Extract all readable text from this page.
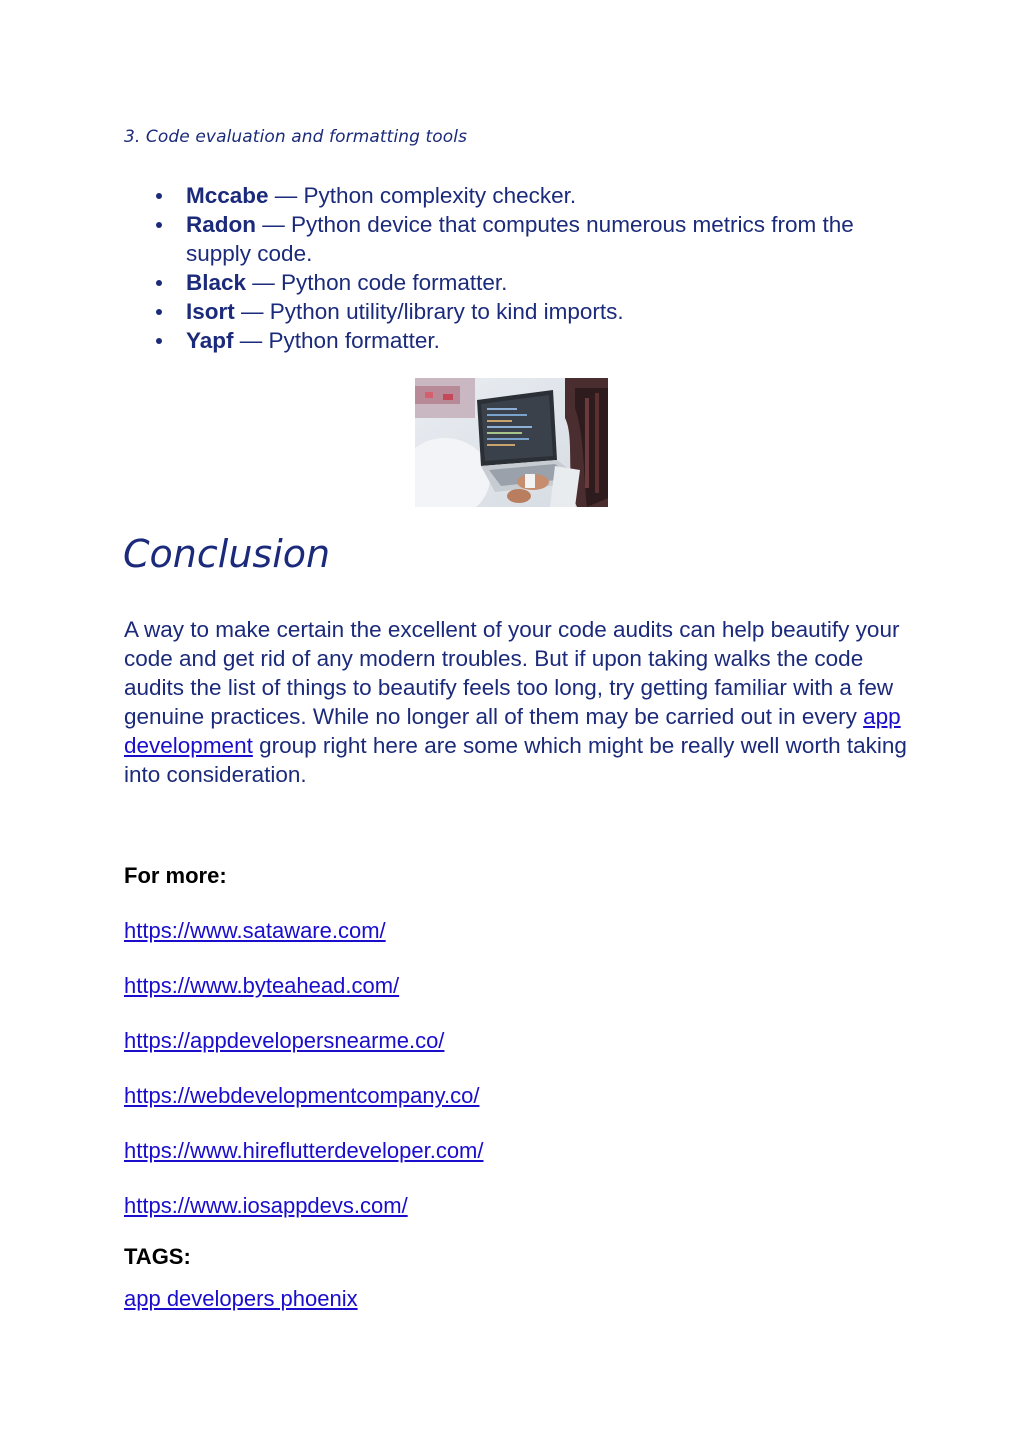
3. Code evaluation and formatting tools
Mccabe — Python complexity checker.
Radon — Python device that computes numerous metrics from the supply code.
Black — Python code formatter.
Isort — Python utility/library to kind imports.
Yapf — Python formatter.
Conclusion

A way to make certain the excellent of your code audits can help beautify your code and get rid of any modern troubles. But if upon taking walks the code audits the list of things to beautify feels too long, try getting familiar with a few genuine practices. While no longer all of them may be carried out in every app development group right here are some which might be really well worth taking into consideration.

For more:
https://www.sataware.com/
https://www.byteahead.com/
https://appdevelopersnearme.co/
https://webdevelopmentcompany.co/
https://www.hireflutterdeveloper.com/
https://www.iosappdevs.com/
TAGS:
app developers phoenix
